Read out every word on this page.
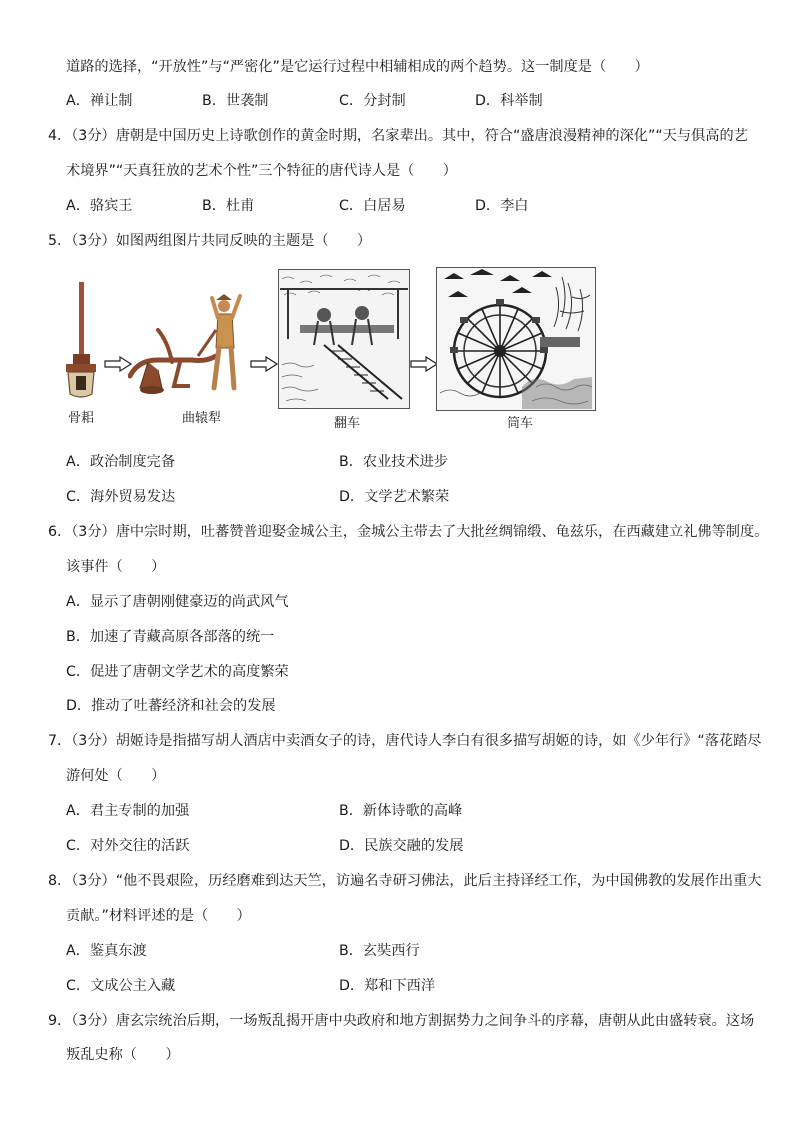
道路的选择，“开放性”与“严密化”是它运行过程中相辅相成的两个趋势。这一制度是（　　）
A．禅让制	B．世袭制	C．分封制	D．科举制
4．（3分）唐朝是中国历史上诗歌创作的黄金时期，名家辈出。其中，符合“盛唐浪漫精神的深化”“天与俱高的艺
术境界”“天真狂放的艺术个性”三个特征的唐代诗人是（　　）
A．骆宾王	B．杜甫	C．白居易	D．李白
5．（3分）如图两组图片共同反映的主题是（　　）
骨耜	曲辕犁	翻车	筒车
A．政治制度完备	B．农业技术进步
C．海外贸易发达	D．文学艺术繁荣
6．（3分）唐中宗时期，吐蕃赞普迎娶金城公主，金城公主带去了大批丝绸锦缎、龟兹乐，在西藏建立礼佛等制度。
该事件（　　）
A．显示了唐朝刚健豪迈的尚武风气
B．加速了青藏高原各部落的统一
C．促进了唐朝文学艺术的高度繁荣
D．推动了吐蕃经济和社会的发展
7．（3分）胡姬诗是指描写胡人酒店中卖酒女子的诗，唐代诗人李白有很多描写胡姬的诗，如《少年行》“落花踏尽
游何处（　　）
A．君主专制的加强	B．新体诗歌的高峰
C．对外交往的活跃	D．民族交融的发展
8．（3分）“他不畏艰险，历经磨难到达天竺，访遍名寺研习佛法，此后主持译经工作，为中国佛教的发展作出重大
贡献。”材料评述的是（　　）
A．鉴真东渡	B．玄奘西行
C．文成公主入藏	D．郑和下西洋
9．（3分）唐玄宗统治后期，一场叛乱揭开唐中央政府和地方割据势力之间争斗的序幕，唐朝从此由盛转衰。这场
叛乱史称（　　）
